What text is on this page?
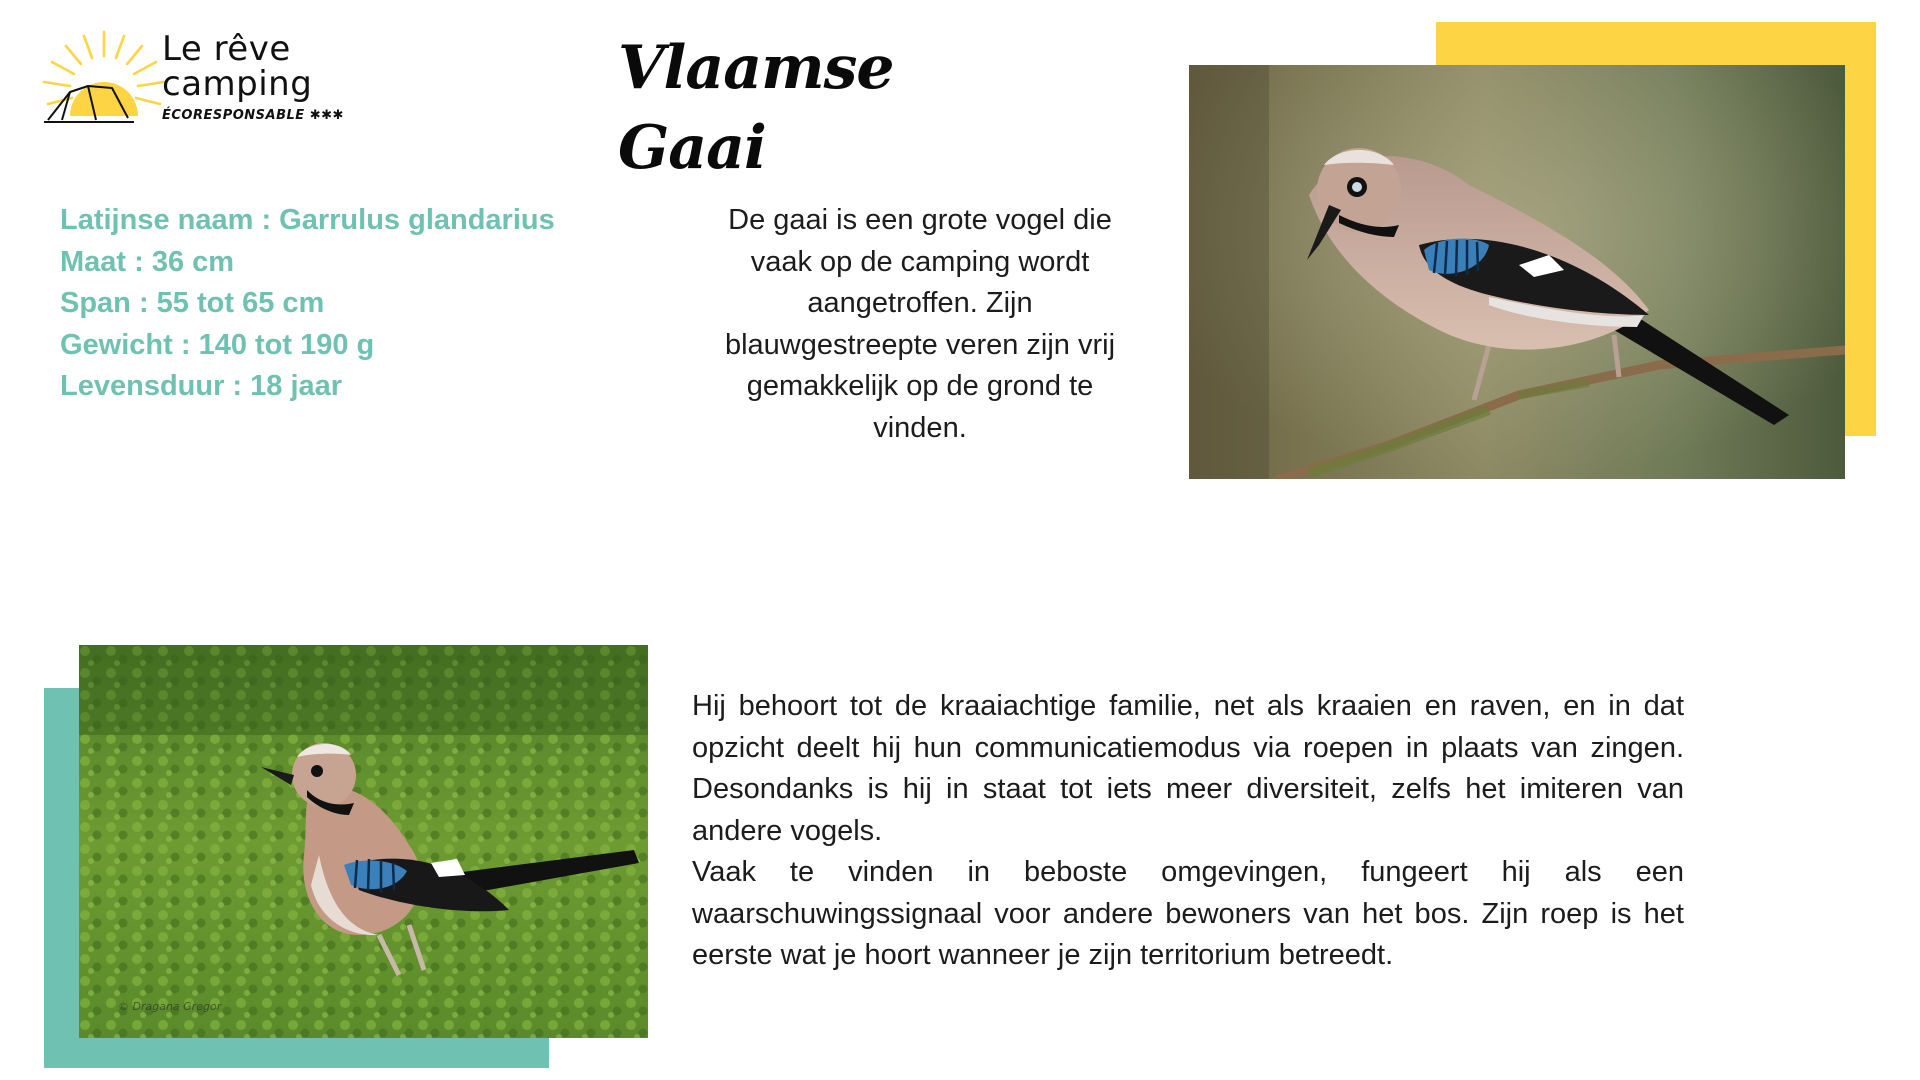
Le rêve
camping
ÉCORESPONSABLE ✱✱✱
Vlaamse Gaai
Latijnse naam : Garrulus glandarius
Maat : 36 cm
Span : 55 tot 65 cm
Gewicht : 140 tot 190 g
Levensduur : 18 jaar
De gaai is een grote vogel die vaak op de camping wordt aangetroffen. Zijn blauwgestreepte veren zijn vrij gemakkelijk op de grond te vinden.
© Dragana Gregor

Hij behoort tot de kraaiachtige familie, net als kraaien en raven, en in dat opzicht deelt hij hun communicatiemodus via roepen in plaats van zingen. Desondanks is hij in staat tot iets meer diversiteit, zelfs het imiteren van andere vogels.

Vaak te vinden in beboste omgevingen, fungeert hij als een waarschuwingssignaal voor andere bewoners van het bos. Zijn roep is het eerste wat je hoort wanneer je zijn territorium betreedt.
